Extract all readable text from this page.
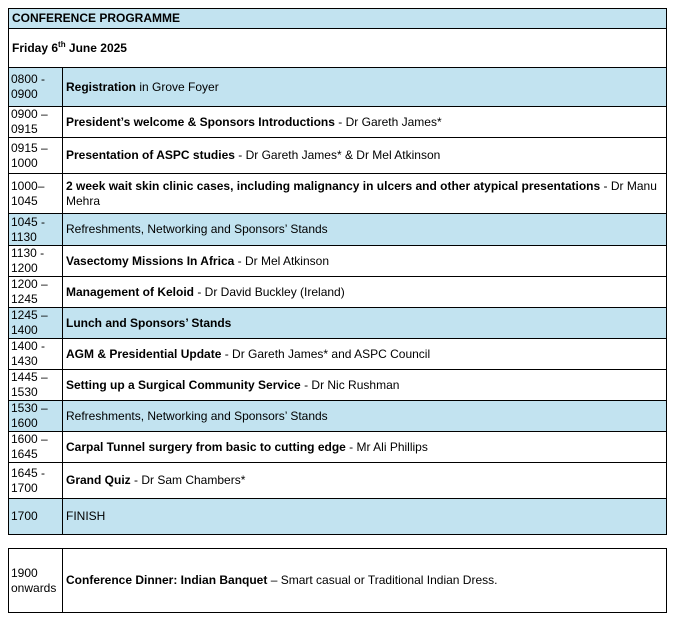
CONFERENCE PROGRAMME	
Friday 6th June 2025	
0800 -
0900	Registration in Grove Foyer
0900 –
0915	President’s welcome & Sponsors Introductions - Dr Gareth James*
0915 –
1000	Presentation of ASPC studies - Dr Gareth James* & Dr Mel Atkinson
1000–
1045	2 week wait skin clinic cases, including malignancy in ulcers and other atypical presentations - Dr Manu Mehra
1045 -
1130	Refreshments, Networking and Sponsors’ Stands
1130 -
1200	Vasectomy Missions In Africa - Dr Mel Atkinson
1200 –
1245	Management of Keloid - Dr David Buckley (Ireland)
1245 –
1400	Lunch and Sponsors’ Stands
1400 -
1430	AGM & Presidential Update - Dr Gareth James* and ASPC Council
1445 –
1530	Setting up a Surgical Community Service - Dr Nic Rushman
1530 –
1600	Refreshments, Networking and Sponsors’ Stands
1600 –
1645	Carpal Tunnel surgery from basic to cutting edge - Mr Ali Phillips
1645 -
1700	Grand Quiz - Dr Sam Chambers*
1700	FINISH
1900
onwards	Conference Dinner: Indian Banquet – Smart casual or Traditional Indian Dress.
